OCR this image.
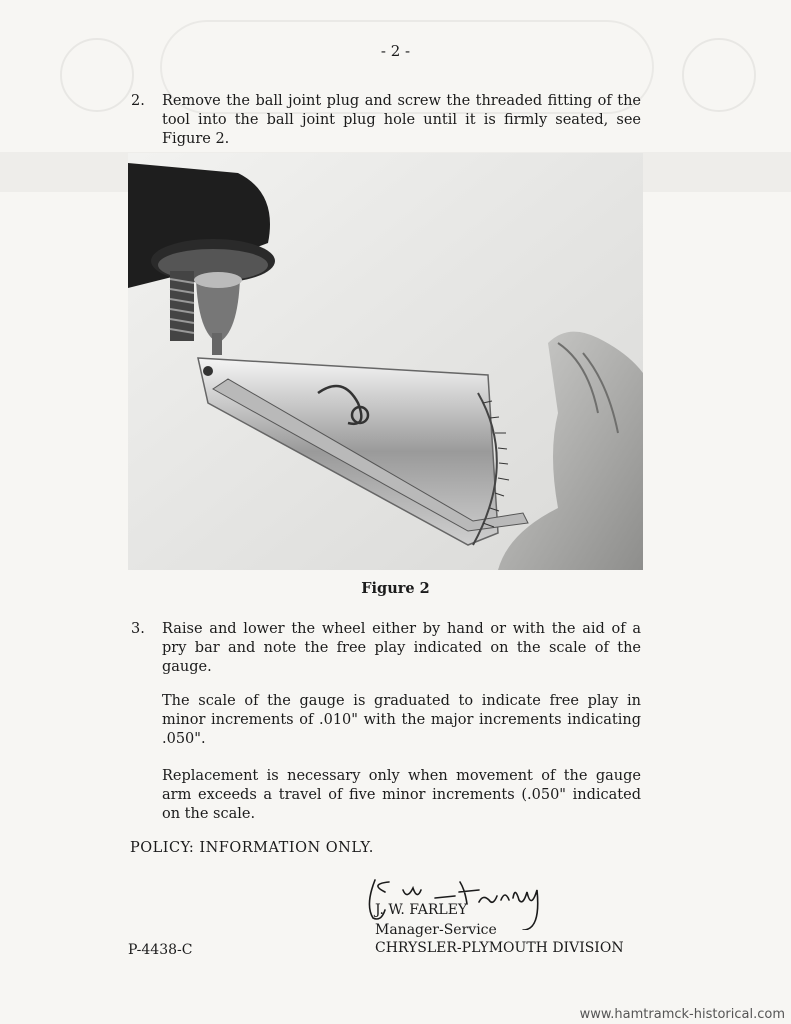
- 2 -
2. Remove the ball joint plug and screw the threaded fitting of the tool into the ball joint plug hole until it is firmly seated, see Figure 2.
Figure 2
3. Raise and lower the wheel either by hand or with the aid of a pry bar and note the free play indicated on the scale of the gauge.
The scale of the gauge is graduated to indicate free play in minor increments of .010" with the major increments indicating .050".
Replacement is necessary only when movement of the gauge arm exceeds a travel of five minor increments (.050" indicated on the scale.
POLICY: INFORMATION ONLY.
J. W. FARLEY
Manager-Service
CHRYSLER-PLYMOUTH DIVISION
P-4438-C
www.hamtramck-historical.com
